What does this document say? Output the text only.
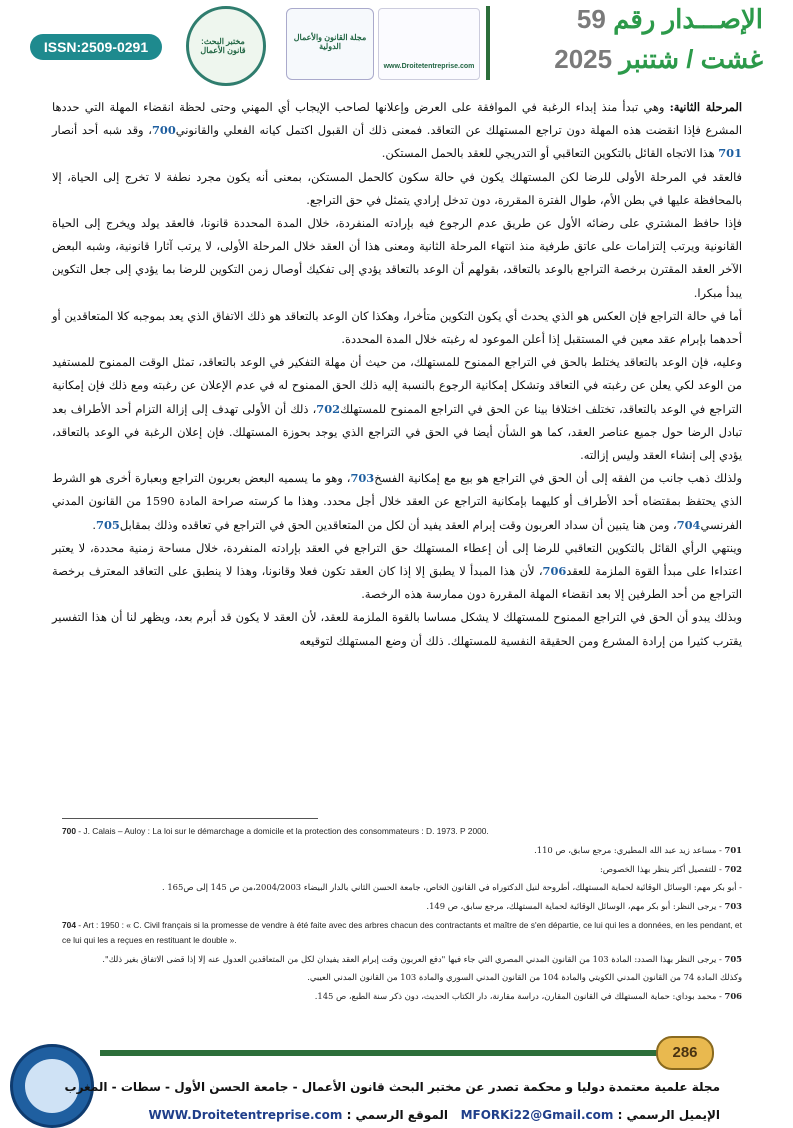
ISSN:2509-0291	مختبر البحث: قانون الأعمال
مجلة القانون والأعمال الدولية
www.Droitetentreprise.com
الإصـــدار رقم 59
غشت / شتنبر 2025

المرحلة الثانية: وهي تبدأ منذ إبداء الرغبة في الموافقة على العرض وإعلانها لصاحب الإيجاب أي المهني وحتى لحظة انقضاء المهلة التي حددها المشرع فإذا انقضت هذه المهلة دون تراجع المستهلك عن التعاقد. فمعنى ذلك أن القبول اكتمل كيانه الفعلي والقانوني700، وقد شبه أحد أنصار 701 هذا الاتجاه القائل بالتكوين التعاقبي أو التدريجي للعقد بالحمل المستكن.

فالعقد في المرحلة الأولى للرضا لكن المستهلك يكون في حالة سكون كالحمل المستكن، بمعنى أنه يكون مجرد نطفة لا تخرج إلى الحياة، إلا بالمحافظة عليها في بطن الأم، طوال الفترة المقررة، دون تدخل إرادي يتمثل في حق التراجع.

فإذا حافظ المشتري على رضائه الأول عن طريق عدم الرجوع فيه بإرادته المنفردة، خلال المدة المحددة قانونا، فالعقد يولد ويخرج إلى الحياة القانونية ويرتب إلتزامات على عاتق طرفية منذ انتهاء المرحلة الثانية ومعنى هذا أن العقد خلال المرحلة الأولى، لا يرتب آثارا قانونية، وشبه البعض الآخر العقد المقترن برخصة التراجع بالوعد بالتعاقد، بقولهم أن الوعد بالتعاقد يؤدي إلى تفكيك أوصال زمن التكوين للرضا بما يؤدي إلى جعل التكوين يبدأ مبكرا.

أما في حالة التراجع فإن العكس هو الذي يحدث أي يكون التكوين متأخرا، وهكذا كان الوعد بالتعاقد هو ذلك الاتفاق الذي يعد بموجبه كلا المتعاقدين أو أحدهما بإبرام عقد معين في المستقبل إذا أعلن الموعود له رغبته خلال المدة المحددة.

وعليه، فإن الوعد بالتعاقد يختلط بالحق في التراجع الممنوح للمستهلك، من حيث أن مهلة التفكير في الوعد بالتعاقد، تمثل الوقت الممنوح للمستفيد من الوعد لكي يعلن عن رغبته في التعاقد وتشكل إمكانية الرجوع بالنسبة إليه ذلك الحق الممنوح له في عدم الإعلان عن رغبته ومع ذلك فإن إمكانية التراجع في الوعد بالتعاقد، تختلف اختلافا بينا عن الحق في التراجع الممنوح للمستهلك702، ذلك أن الأولى تهدف إلى إزالة التزام أحد الأطراف بعد تبادل الرضا حول جميع عناصر العقد، كما هو الشأن أيضا في الحق في التراجع الذي يوجد بحوزة المستهلك. فإن إعلان الرغبة في الوعد بالتعاقد، يؤدي إلى إنشاء العقد وليس إزالته.

ولذلك ذهب جانب من الفقه إلى أن الحق في التراجع هو بيع مع إمكانية الفسخ703، وهو ما يسميه البعض بعربون التراجع وبعبارة أخرى هو الشرط الذي يحتفظ بمقتضاه أحد الأطراف أو كليهما بإمكانية التراجع عن العقد خلال أجل محدد. وهذا ما كرسته صراحة المادة 1590 من القانون المدني الفرنسي704، ومن هنا يتبين أن سداد العربون وقت إبرام العقد يفيد أن لكل من المتعاقدين الحق في التراجع في تعاقده وذلك بمقابل705.

وينتهي الرأي القائل بالتكوين التعاقبي للرضا إلى أن إعطاء المستهلك حق التراجع في العقد بإرادته المنفردة، خلال مساحة زمنية محددة، لا يعتبر اعتداءا على مبدأ القوة الملزمة للعقد706، لأن هذا المبدأ لا يطبق إلا إذا كان العقد تكون فعلا وقانونا، وهذا لا ينطبق على التعاقد المعترف برخصة التراجع من أحد الطرفين إلا بعد انقضاء المهلة المقررة دون ممارسة هذه الرخصة.

وبذلك يبدو أن الحق في التراجع الممنوح للمستهلك لا يشكل مساسا بالقوة الملزمة للعقد، لأن العقد لا يكون قد أبرم بعد، ويظهر لنا أن هذا التفسير يقترب كثيرا من إرادة المشرع ومن الحقيقة النفسية للمستهلك. ذلك أن وضع المستهلك لتوقيعه

700 - J. Calais – Auloy : La loi sur le démarchage a domicile et la protection des consommateurs : D. 1973. P 2000.
701 - مساعد زيد عبد الله المطيري: مرجع سابق، ص 110.
702 - للتفصيل أكثر ينظر بهذا الخصوص:
- أبو بكر مهم: الوسائل الوقائية لحماية المستهلك، أطروحة لنيل الدكتوراه في القانون الخاص، جامعة الحسن الثاني بالدار البيضاء 2004/2003،من ص 145 إلى ص165 .
703 - يرجى النظر: أبو بكر مهم، الوسائل الوقائية لحماية المستهلك، مرجع سابق، ص 149.
704 - Art : 1950 : « C. Civil français si la promesse de vendre à été faite avec des arbres chacun des contractants et maître de s'en départie, ce lui qui les a données, en les pendant, et ce lui qui les a reçues en restituant le double ».
705 - يرجى النظر بهذا الصدد: المادة 103 من القانون المدني المصري التي جاء فيها "دفع العربون وقت إبرام العقد يفيدان لكل من المتعاقدين العدول عنه إلا إذا قضى الاتفاق بغير ذلك".
وكذلك المادة 74 من القانون المدني الكويتي والمادة 104 من القانون المدني السوري والمادة 103 من القانون المدني العيبي.
706 - محمد بوداي: حماية المستهلك في القانون المقارن، دراسة مقارنة، دار الكتاب الحديث، دون ذكر سنة الطبع، ص 145.
286
مجلة علمية معتمدة دوليا و محكمة تصدر عن مختبر البحث قانون الأعمال - جامعة الحسن الأول - سطات - المغرب
الإيميل الرسمي : MFORKi22@Gmail.com   الموقع الرسمي : WWW.Droitetentreprise.com
